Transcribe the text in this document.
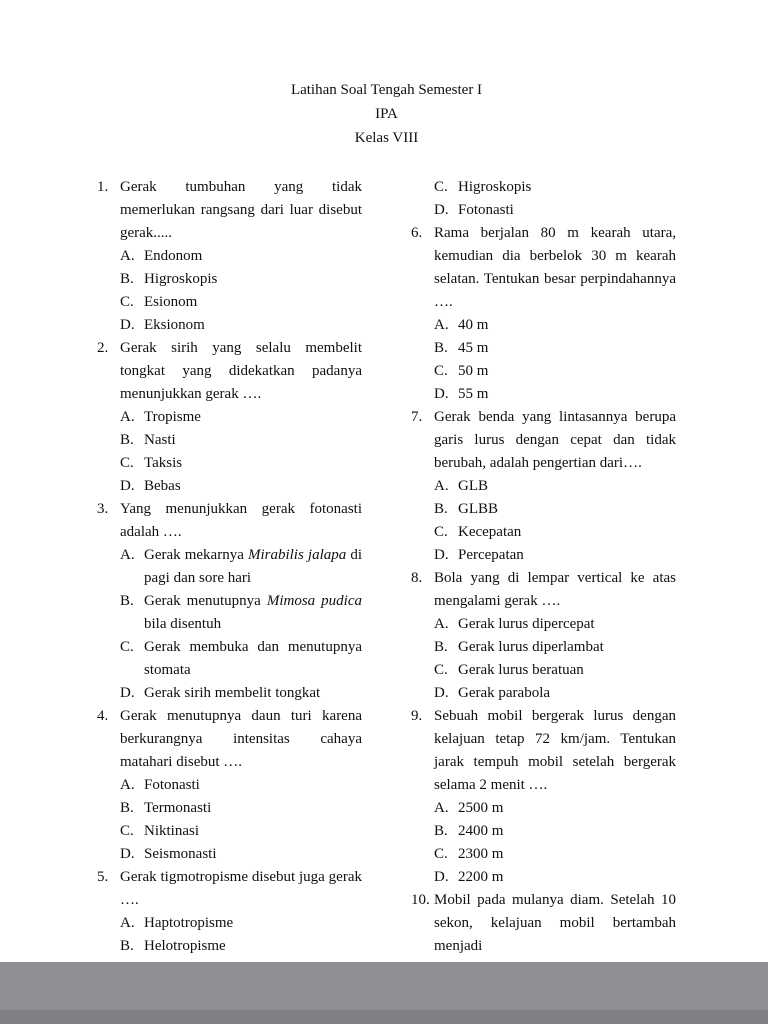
Latihan Soal Tengah Semester I
IPA
Kelas VIII
1. Gerak tumbuhan yang tidak memerlukan rangsang dari luar disebut gerak.....
A. Endonom
B. Higroskopis
C. Esionom
D. Eksionom
2. Gerak sirih yang selalu membelit tongkat yang didekatkan padanya menunjukkan gerak ….
A. Tropisme
B. Nasti
C. Taksis
D. Bebas
3. Yang menunjukkan gerak fotonasti adalah ….
A. Gerak mekarnya Mirabilis jalapa di pagi dan sore hari
B. Gerak menutupnya Mimosa pudica bila disentuh
C. Gerak membuka dan menutupnya stomata
D. Gerak sirih membelit tongkat
4. Gerak menutupnya daun turi karena berkurangnya intensitas cahaya matahari disebut ….
A. Fotonasti
B. Termonasti
C. Niktinasi
D. Seismonasti
5. Gerak tigmotropisme disebut juga gerak ….
A. Haptotropisme
B. Helotropisme
C. Higroskopis
D. Fotonasti
6. Rama berjalan 80 m kearah utara, kemudian dia berbelok 30 m kearah selatan. Tentukan besar perpindahannya ….
A. 40 m
B. 45 m
C. 50 m
D. 55 m
7. Gerak benda yang lintasannya berupa garis lurus dengan cepat dan tidak berubah, adalah pengertian dari….
A. GLB
B. GLBB
C. Kecepatan
D. Percepatan
8. Bola yang di lempar vertical ke atas mengalami gerak ….
A. Gerak lurus dipercepat
B. Gerak lurus diperlambat
C. Gerak lurus beratuan
D. Gerak parabola
9. Sebuah mobil bergerak lurus dengan kelajuan tetap 72 km/jam. Tentukan jarak tempuh mobil setelah bergerak selama 2 menit ….
A. 2500 m
B. 2400 m
C. 2300 m
D. 2200 m
10. Mobil pada mulanya diam. Setelah 10 sekon, kelajuan mobil bertambah menjadi
